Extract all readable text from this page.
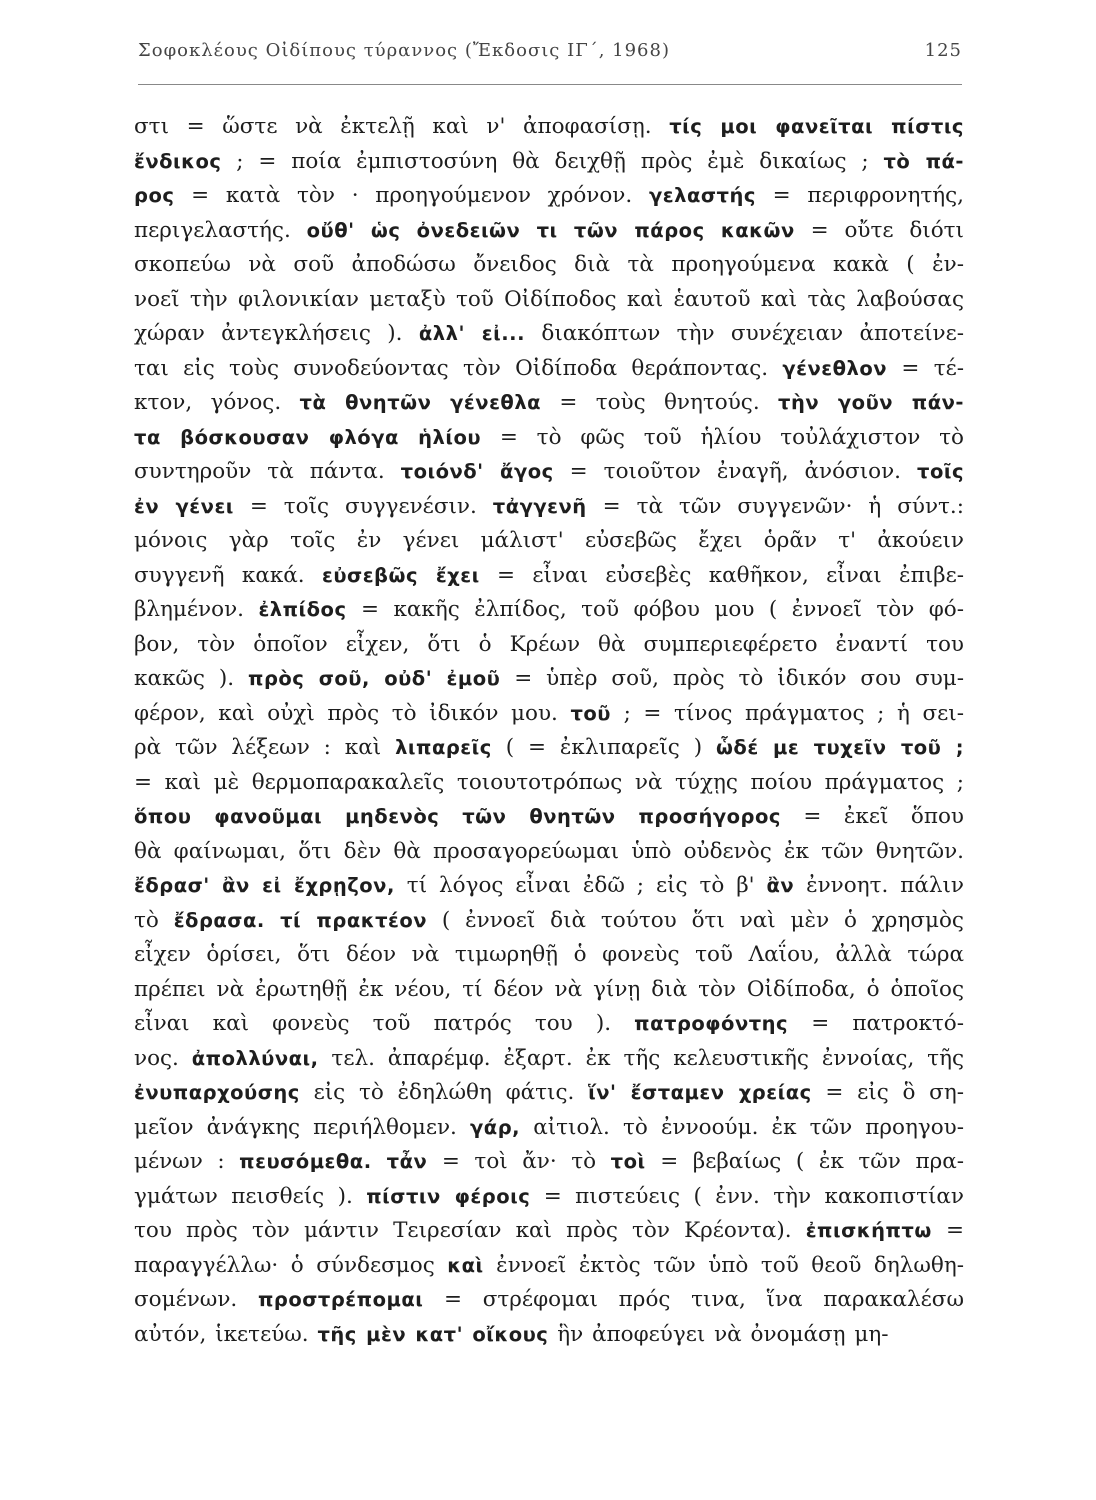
Σοφοκλέους Οἰδίπους τύραννος (Ἔκδοσις ΙΓ΄, 1968)	125
στι = ὥστε νὰ ἐκτελῇ καὶ ν' ἀποφασίσῃ. τίς μοι φανεῖται πίστις
ἔνδικος ; = ποία ἐμπιστοσύνη θὰ δειχθῇ πρὸς ἐμὲ δικαίως ; τὸ πά-
ρος = κατὰ τὸν · προηγούμενον χρόνον. γελαστής = περιφρονητής,
περιγελαστής. οὔθ' ὡς ὀνεδειῶν τι τῶν πάρος κακῶν = οὔτε διότι
σκοπεύω νὰ σοῦ ἀποδώσω ὄνειδος διὰ τὰ προηγούμενα κακὰ ( ἐν-
νοεῖ τὴν φιλονικίαν μεταξὺ τοῦ Οἰδίποδος καὶ ἑαυτοῦ καὶ τὰς λαβούσας
χώραν ἀντεγκλήσεις ). ἀλλ' εἰ... διακόπτων τὴν συνέχειαν ἀποτείνε-
ται εἰς τοὺς συνοδεύοντας τὸν Οἰδίποδα θεράποντας. γένεθλον = τέ-
κτον, γόνος. τὰ θνητῶν γένεθλα = τοὺς θνητούς. τὴν γοῦν πάν-
τα βόσκουσαν φλόγα ἡλίου = τὸ φῶς τοῦ ἡλίου τοὐλάχιστον τὸ
συντηροῦν τὰ πάντα. τοιόνδ' ἄγος = τοιοῦτον ἐναγῆ, ἀνόσιον. τοῖς
ἐν γένει = τοῖς συγγενέσιν. τἀγγενῆ = τὰ τῶν συγγενῶν· ἡ σύντ.:
μόνοις γὰρ τοῖς ἐν γένει μάλιστ' εὐσεβῶς ἔχει ὁρᾶν τ' ἀκούειν
συγγενῆ κακά. εὐσεβῶς ἔχει = εἶναι εὐσεβὲς καθῆκον, εἶναι ἐπιβε-
βλημένον. ἐλπίδος = κακῆς ἐλπίδος, τοῦ φόβου μου ( ἐννοεῖ τὸν φό-
βον, τὸν ὁποῖον εἶχεν, ὅτι ὁ Κρέων θὰ συμπεριεφέρετο ἐναντί του
κακῶς ). πρὸς σοῦ, οὐδ' ἐμοῦ = ὑπὲρ σοῦ, πρὸς τὸ ἰδικόν σου συμ-
φέρον, καὶ οὐχὶ πρὸς τὸ ἰδικόν μου. τοῦ ; = τίνος πράγματος ; ἡ σει-
ρὰ τῶν λέξεων : καὶ λιπαρεῖς ( = ἐκλιπαρεῖς ) ὧδέ με τυχεῖν τοῦ ;
= καὶ μὲ θερμοπαρακαλεῖς τοιουτοτρόπως νὰ τύχῃς ποίου πράγματος ;
ὅπου φανοῦμαι μηδενὸς τῶν θνητῶν προσήγορος = ἐκεῖ ὅπου
θὰ φαίνωμαι, ὅτι δὲν θὰ προσαγορεύωμαι ὑπὸ οὐδενὸς ἐκ τῶν θνητῶν.
ἔδρασ' ἂν εἰ ἔχρῃζον, τί λόγος εἶναι ἐδῶ ; εἰς τὸ β' ἂν ἐννοητ. πάλιν
τὸ ἔδρασα. τί πρακτέον ( ἐννοεῖ διὰ τούτου ὅτι ναὶ μὲν ὁ χρησμὸς
εἶχεν ὁρίσει, ὅτι δέον νὰ τιμωρηθῇ ὁ φονεὺς τοῦ Λαΐου, ἀλλὰ τώρα
πρέπει νὰ ἐρωτηθῇ ἐκ νέου, τί δέον νὰ γίνῃ διὰ τὸν Οἰδίποδα, ὁ ὁποῖος
εἶναι καὶ φονεὺς τοῦ πατρός του ). πατροφόντης = πατροκτό-
νος. ἀπολλύναι, τελ. ἀπαρέμφ. ἐξαρτ. ἐκ τῆς κελευστικῆς ἐννοίας, τῆς
ἐνυπαρχούσης εἰς τὸ ἐδηλώθη φάτις. ἵν' ἔσταμεν χρείας = εἰς ὃ ση-
μεῖον ἀνάγκης περιήλθομεν. γάρ, αἰτιολ. τὸ ἐννοούμ. ἐκ τῶν προηγου-
μένων : πευσόμεθα. τἆν = τοὶ ἄν· τὸ τοὶ = βεβαίως ( ἐκ τῶν πρα-
γμάτων πεισθείς ). πίστιν φέροις = πιστεύεις ( ἐνν. τὴν κακοπιστίαν
του πρὸς τὸν μάντιν Τειρεσίαν καὶ πρὸς τὸν Κρέοντα). ἐπισκήπτω =
παραγγέλλω· ὁ σύνδεσμος καὶ ἐννοεῖ ἐκτὸς τῶν ὑπὸ τοῦ θεοῦ δηλωθη-
σομένων. προστρέπομαι = στρέφομαι πρός τινα, ἵνα παρακαλέσω
αὐτόν, ἱκετεύω. τῆς μὲν κατ' οἴκους ἣν ἀποφεύγει νὰ ὀνομάσῃ μη-
